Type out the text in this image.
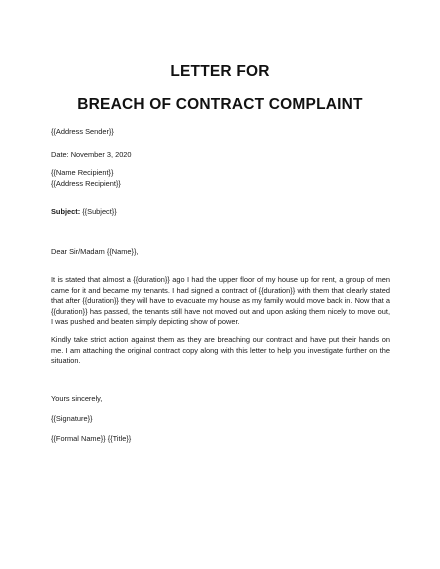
LETTER FOR
BREACH OF CONTRACT COMPLAINT
{{Address Sender}}
Date: November 3, 2020
{{Name Recipient}}
{{Address Recipient}}
Subject: {{Subject}}
Dear Sir/Madam {{Name}},
It is stated that almost a {{duration}} ago I had the upper floor of my house up for rent, a group of men came for it and became my tenants. I had signed a contract of {{duration}} with them that clearly stated that after {{duration}} they will have to evacuate my house as my family would move back in. Now that a {{duration}} has passed, the tenants still have not moved out and upon asking them nicely to move out, I was pushed and beaten simply depicting show of power.
Kindly take strict action against them as they are breaching our contract and have put their hands on me. I am attaching the original contract copy along with this letter to help you investigate further on the situation.
Yours sincerely,
{{Signature}}
{{Formal Name}} {{Title}}
